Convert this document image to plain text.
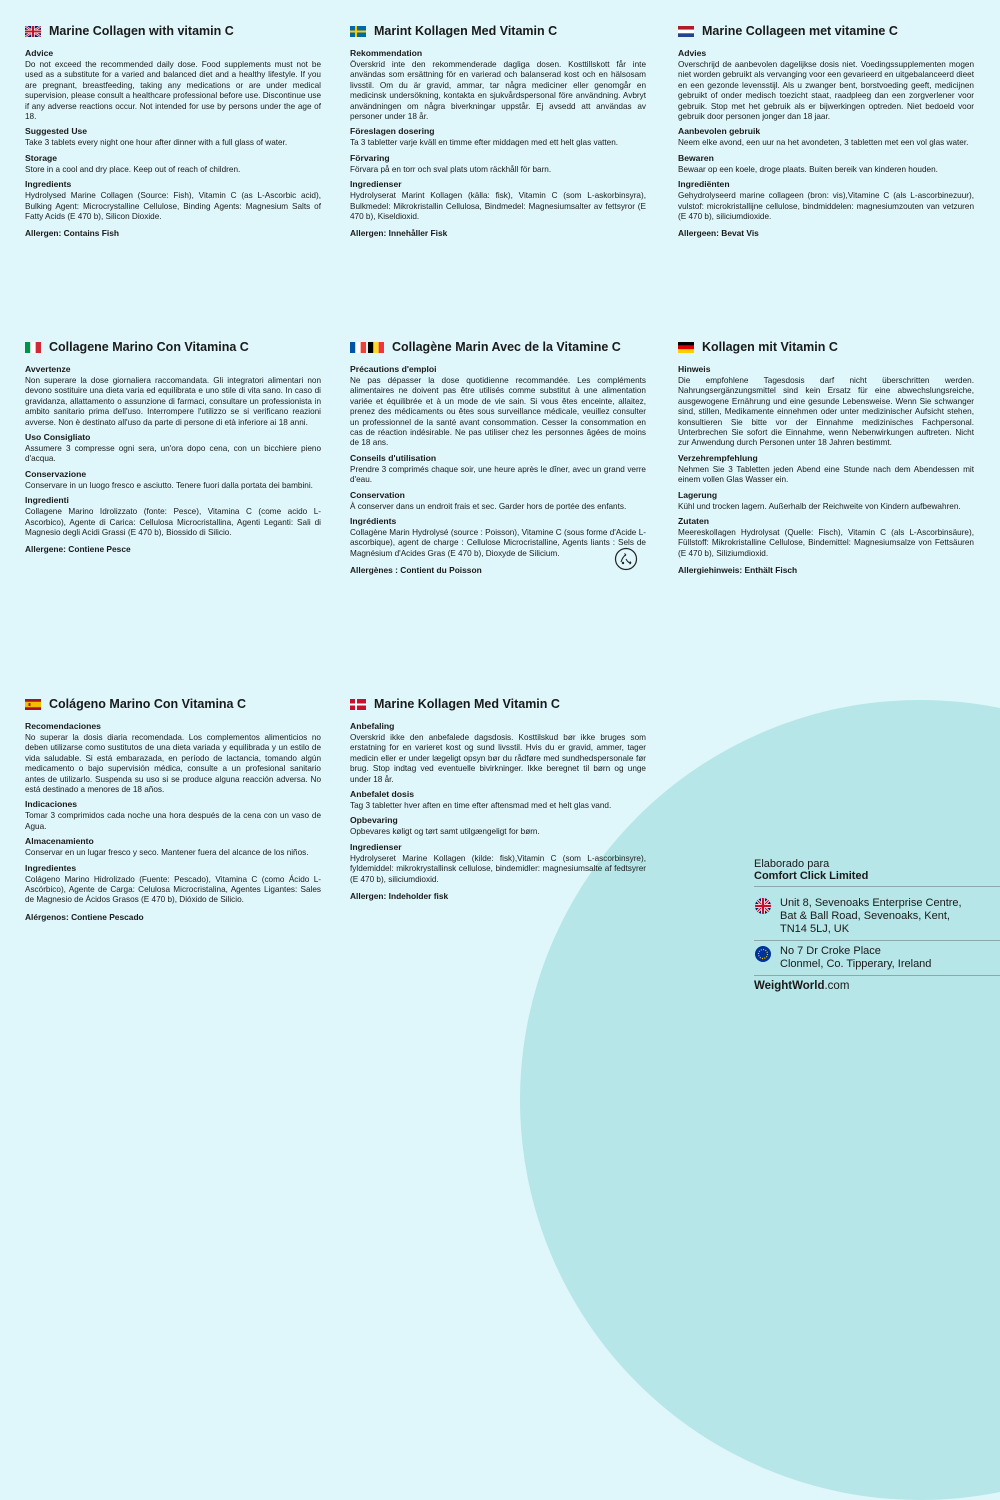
Marine Collagen with vitamin C
Advice
Do not exceed the recommended daily dose. Food supplements must not be used as a substitute for a varied and balanced diet and a healthy lifestyle. If you are pregnant, breastfeeding, taking any medications or are under medical supervision, please consult a healthcare professional before use. Discontinue use if any adverse reactions occur. Not intended for use by persons under the age of 18.
Suggested Use
Take 3 tablets every night one hour after dinner with a full glass of water.
Storage
Store in a cool and dry place. Keep out of reach of children.
Ingredients
Hydrolysed Marine Collagen (Source: Fish), Vitamin C (as L-Ascorbic acid), Bulking Agent: Microcrystalline Cellulose, Binding Agents: Magnesium Salts of Fatty Acids (E 470 b), Silicon Dioxide.
Allergen: Contains Fish
Marint Kollagen Med Vitamin C
Rekommendation
Överskrid inte den rekommenderade dagliga dosen. Kosttillskott får inte användas som ersättning för en varierad och balanserad kost och en hälsosam livsstil. Om du är gravid, ammar, tar några mediciner eller genomgår en medicinsk undersökning, kontakta en sjukvårdspersonal före användning. Avbryt användningen om några biverkningar uppstår. Ej avsedd att användas av personer under 18 år.
Föreslagen dosering
Ta 3 tabletter varje kväll en timme efter middagen med ett helt glas vatten.
Förvaring
Förvara på en torr och sval plats utom räckhåll för barn.
Ingredienser
Hydrolyserat Marint Kollagen (källa: fisk), Vitamin C (som L-askorbinsyra), Bulkmedel: Mikrokristallin Cellulosa, Bindmedel: Magnesiumsalter av fettsyror (E 470 b), Kiseldioxid.
Allergen: Innehåller Fisk
Marine Collageen met vitamine C
Advies
Overschrijd de aanbevolen dagelijkse dosis niet. Voedingssupplementen mogen niet worden gebruikt als vervanging voor een gevarieerd en uitgebalanceerd dieet en een gezonde levensstijl. Als u zwanger bent, borstvoeding geeft, medicijnen gebruikt of onder medisch toezicht staat, raadpleeg dan een zorgverlener voor gebruik. Stop met het gebruik als er bijwerkingen optreden. Niet bedoeld voor gebruik door personen jonger dan 18 jaar.
Aanbevolen gebruik
Neem elke avond, een uur na het avondeten, 3 tabletten met een vol glas water.
Bewaren
Bewaar op een koele, droge plaats. Buiten bereik van kinderen houden.
Ingrediënten
Gehydrolyseerd marine collageen (bron: vis),Vitamine C (als L-ascorbinezuur), vulstof: microkristallijne cellulose, bindmiddelen: magnesiumzouten van vetzuren (E 470 b), siliciumdioxide.
Allergeen: Bevat Vis
Collagene Marino Con Vitamina C
Avvertenze
Non superare la dose giornaliera raccomandata. Gli integratori alimentari non devono sostituire una dieta varia ed equilibrata e uno stile di vita sano. In caso di gravidanza, allattamento o assunzione di farmaci, consultare un professionista in ambito sanitario prima dell'uso. Interrompere l'utilizzo se si verificano reazioni avverse. Non è destinato all'uso da parte di persone di età inferiore ai 18 anni.
Uso Consigliato
Assumere 3 compresse ogni sera, un'ora dopo cena, con un bicchiere pieno d'acqua.
Conservazione
Conservare in un luogo fresco e asciutto. Tenere fuori dalla portata dei bambini.
Ingredienti
Collagene Marino Idrolizzato (fonte: Pesce), Vitamina C (come acido L-Ascorbico), Agente di Carica: Cellulosa Microcristallina, Agenti Leganti: Sali di Magnesio degli Acidi Grassi (E 470 b), Biossido di Silicio.
Allergene: Contiene Pesce
Collagène Marin Avec de la Vitamine C
Précautions d'emploi
Ne pas dépasser la dose quotidienne recommandée. Les compléments alimentaires ne doivent pas être utilisés comme substitut à une alimentation variée et équilibrée et à un mode de vie sain. Si vous êtes enceinte, allaitez, prenez des médicaments ou êtes sous surveillance médicale, veuillez consulter un professionnel de la santé avant consommation. Cesser la consommation en cas de réaction indésirable. Ne pas utiliser chez les personnes âgées de moins de 18 ans.
Conseils d'utilisation
Prendre 3 comprimés chaque soir, une heure après le dîner, avec un grand verre d'eau.
Conservation
À conserver dans un endroit frais et sec. Garder hors de portée des enfants.
Ingrédients
Collagène Marin Hydrolysé (source : Poisson), Vitamine C (sous forme d'Acide L-ascorbique), agent de charge : Cellulose Microcristalline, Agents liants : Sels de Magnésium d'Acides Gras (E 470 b), Dioxyde de Silicium.
Allergènes : Contient du Poisson
Kollagen mit Vitamin C
Hinweis
Die empfohlene Tagesdosis darf nicht überschritten werden. Nahrungsergänzungsmittel sind kein Ersatz für eine abwechslungsreiche, ausgewogene Ernährung und eine gesunde Lebensweise. Wenn Sie schwanger sind, stillen, Medikamente einnehmen oder unter medizinischer Aufsicht stehen, konsultieren Sie bitte vor der Einnahme medizinisches Fachpersonal. Unterbrechen Sie sofort die Einnahme, wenn Nebenwirkungen auftreten. Nicht zur Anwendung durch Personen unter 18 Jahren bestimmt.
Verzehrempfehlung
Nehmen Sie 3 Tabletten jeden Abend eine Stunde nach dem Abendessen mit einem vollen Glas Wasser ein.
Lagerung
Kühl und trocken lagern. Außerhalb der Reichweite von Kindern aufbewahren.
Zutaten
Meereskollagen Hydrolysat (Quelle: Fisch), Vitamin C (als L-Ascorbinsäure), Füllstoff: Mikrokristalline Cellulose, Bindemittel: Magnesiumsalze von Fettsäuren (E 470 b), Siliziumdioxid.
Allergiehinweis: Enthält Fisch
Colágeno Marino Con Vitamina C
Recomendaciones
No superar la dosis diaria recomendada. Los complementos alimenticios no deben utilizarse como sustitutos de una dieta variada y equilibrada y un estilo de vida saludable. Si está embarazada, en período de lactancia, tomando algún medicamento o bajo supervisión médica, consulte a un profesional sanitario antes de utilizarlo. Suspenda su uso si se produce alguna reacción adversa. No está destinado a menores de 18 años.
Indicaciones
Tomar 3 comprimidos cada noche una hora después de la cena con un vaso de Agua.
Almacenamiento
Conservar en un lugar fresco y seco. Mantener fuera del alcance de los niños.
Ingredientes
Colágeno Marino Hidrolizado (Fuente: Pescado), Vitamina C (como Ácido L-Ascórbico), Agente de Carga: Celulosa Microcristalina, Agentes Ligantes: Sales de Magnesio de Ácidos Grasos (E 470 b), Dióxido de Silicio.
Alérgenos: Contiene Pescado
Marine Kollagen Med Vitamin C
Anbefaling
Overskrid ikke den anbefalede dagsdosis. Kosttilskud bør ikke bruges som erstatning for en varieret kost og sund livsstil. Hvis du er gravid, ammer, tager medicin eller er under lægeligt opsyn bør du rådføre med sundhedspersonale før brug. Stop indtag ved eventuelle bivirkninger. Ikke beregnet til børn og unge under 18 år.
Anbefalet dosis
Tag 3 tabletter hver aften en time efter aftensmad med et helt glas vand.
Opbevaring
Opbevares køligt og tørt samt utilgængeligt for børn.
Ingredienser
Hydrolyseret Marine Kollagen (kilde: fisk),Vitamin C (som L-ascorbinsyre), fyldemiddel: mikrokrystallinsk cellulose, bindemidler: magnesiumsalte af fedtsyrer (E 470 b), siliciumdioxid.
Allergen: Indeholder fisk
Elaborado para
Comfort Click Limited
Unit 8, Sevenoaks Enterprise Centre,
Bat & Ball Road, Sevenoaks, Kent,
TN14 5LJ, UK
No 7 Dr Croke Place
Clonmel, Co. Tipperary, Ireland
WeightWorld.com
